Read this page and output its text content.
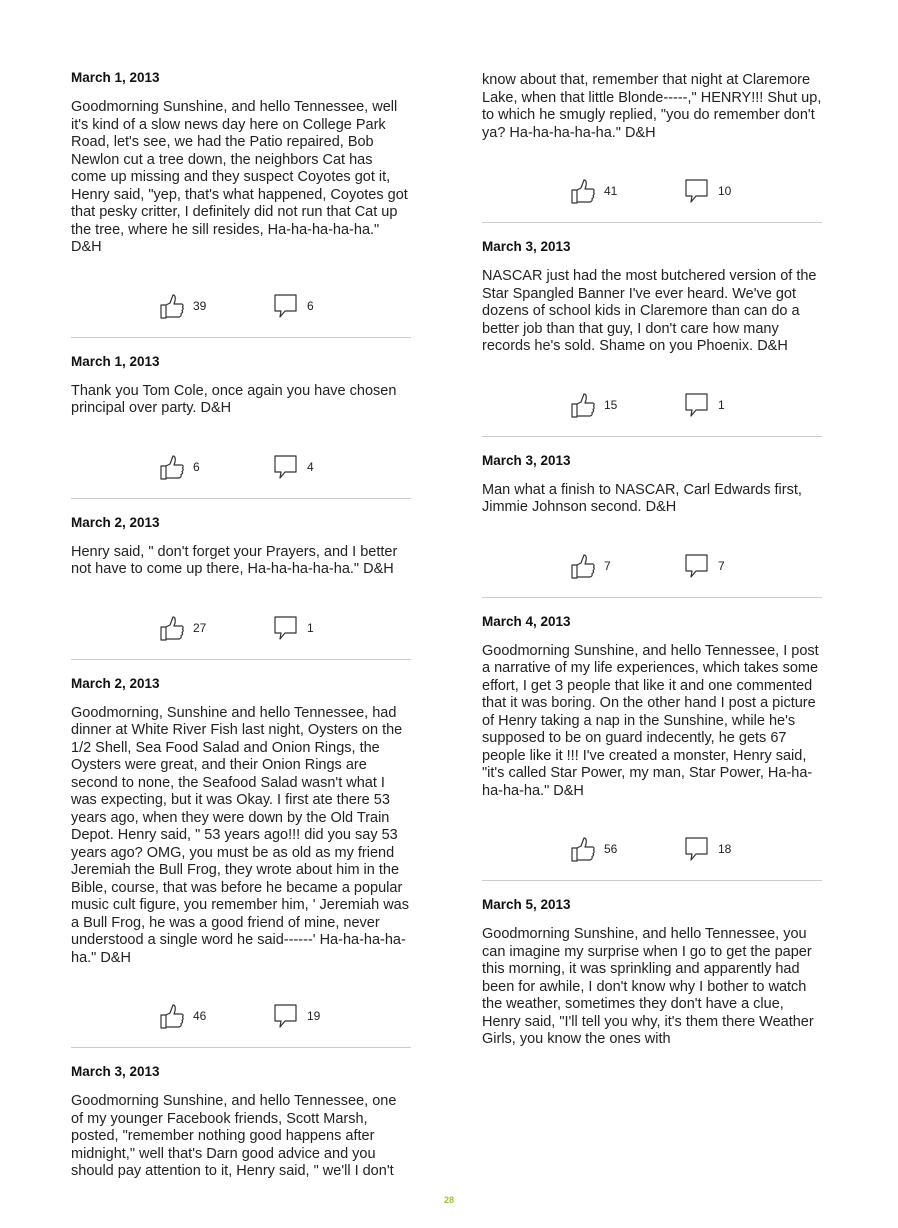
March 1, 2013

Goodmorning Sunshine, and hello Tennessee, well it's kind of a slow news day here on College Park Road, let's see, we had the Patio repaired, Bob Newlon cut a tree down, the neighbors Cat has come up missing and they suspect Coyotes got it, Henry said, "yep, that's what happened, Coyotes got that pesky critter, I definitely did not run that Cat up the tree, where he sill resides, Ha-ha-ha-ha-ha." D&H

39	6
March 1, 2013

Thank you Tom Cole, once again you have chosen principal over party. D&H

6	4
March 2, 2013

Henry said, " don't forget your Prayers, and I better not have to come up there, Ha-ha-ha-ha-ha." D&H

27	1
March 2, 2013

Goodmorning, Sunshine and hello Tennessee, had dinner at White River Fish last night, Oysters on the 1/2 Shell, Sea Food Salad and Onion Rings, the Oysters were great, and their Onion Rings are second to none, the Seafood Salad wasn't what I was expecting, but it was Okay. I first ate there 53 years ago, when they were down by the Old Train Depot. Henry said, " 53 years ago!!! did you say 53 years ago? OMG, you must be as old as my friend Jeremiah the Bull Frog, they wrote about him in the Bible, course, that was before he became a popular music cult figure, you remember him, ' Jeremiah was a Bull Frog, he was a good friend of mine, never understood a single word he said------' Ha-ha-ha-ha-ha." D&H

46	19
March 3, 2013

Goodmorning Sunshine, and hello Tennessee, one of my younger Facebook friends, Scott Marsh, posted, "remember nothing good happens after midnight," well that's Darn good advice and you should pay attention to it, Henry said, " we'll I don't

know about that, remember that night at Claremore Lake, when that little Blonde-----," HENRY!!! Shut up, to which he smugly replied, "you do remember don't ya? Ha-ha-ha-ha-ha." D&H

41	10
March 3, 2013

NASCAR just had the most butchered version of the Star Spangled Banner I've ever heard. We've got dozens of school kids in Claremore than can do a better job than that guy, I don't care how many records he's sold. Shame on you Phoenix. D&H

15	1
March 3, 2013

Man what a finish to NASCAR, Carl Edwards first, Jimmie Johnson second. D&H

7	7
March 4, 2013

Goodmorning Sunshine, and hello Tennessee, I post a narrative of my life experiences, which takes some effort, I get 3 people that like it and one commented that it was boring. On the other hand I post a picture of Henry taking a nap in the Sunshine, while he's supposed to be on guard indecently, he gets 67 people like it !!! I've created a monster, Henry said, "it's called Star Power, my man, Star Power, Ha-ha-ha-ha-ha." D&H

56	18
March 5, 2013

Goodmorning Sunshine, and hello Tennessee, you can imagine my surprise when I go to get the paper this morning, it was sprinkling and apparently had been for awhile, I don't know why I bother to watch the weather, sometimes they don't have a clue, Henry said, "I'll tell you why, it's them there Weather Girls, you know the ones with

28
